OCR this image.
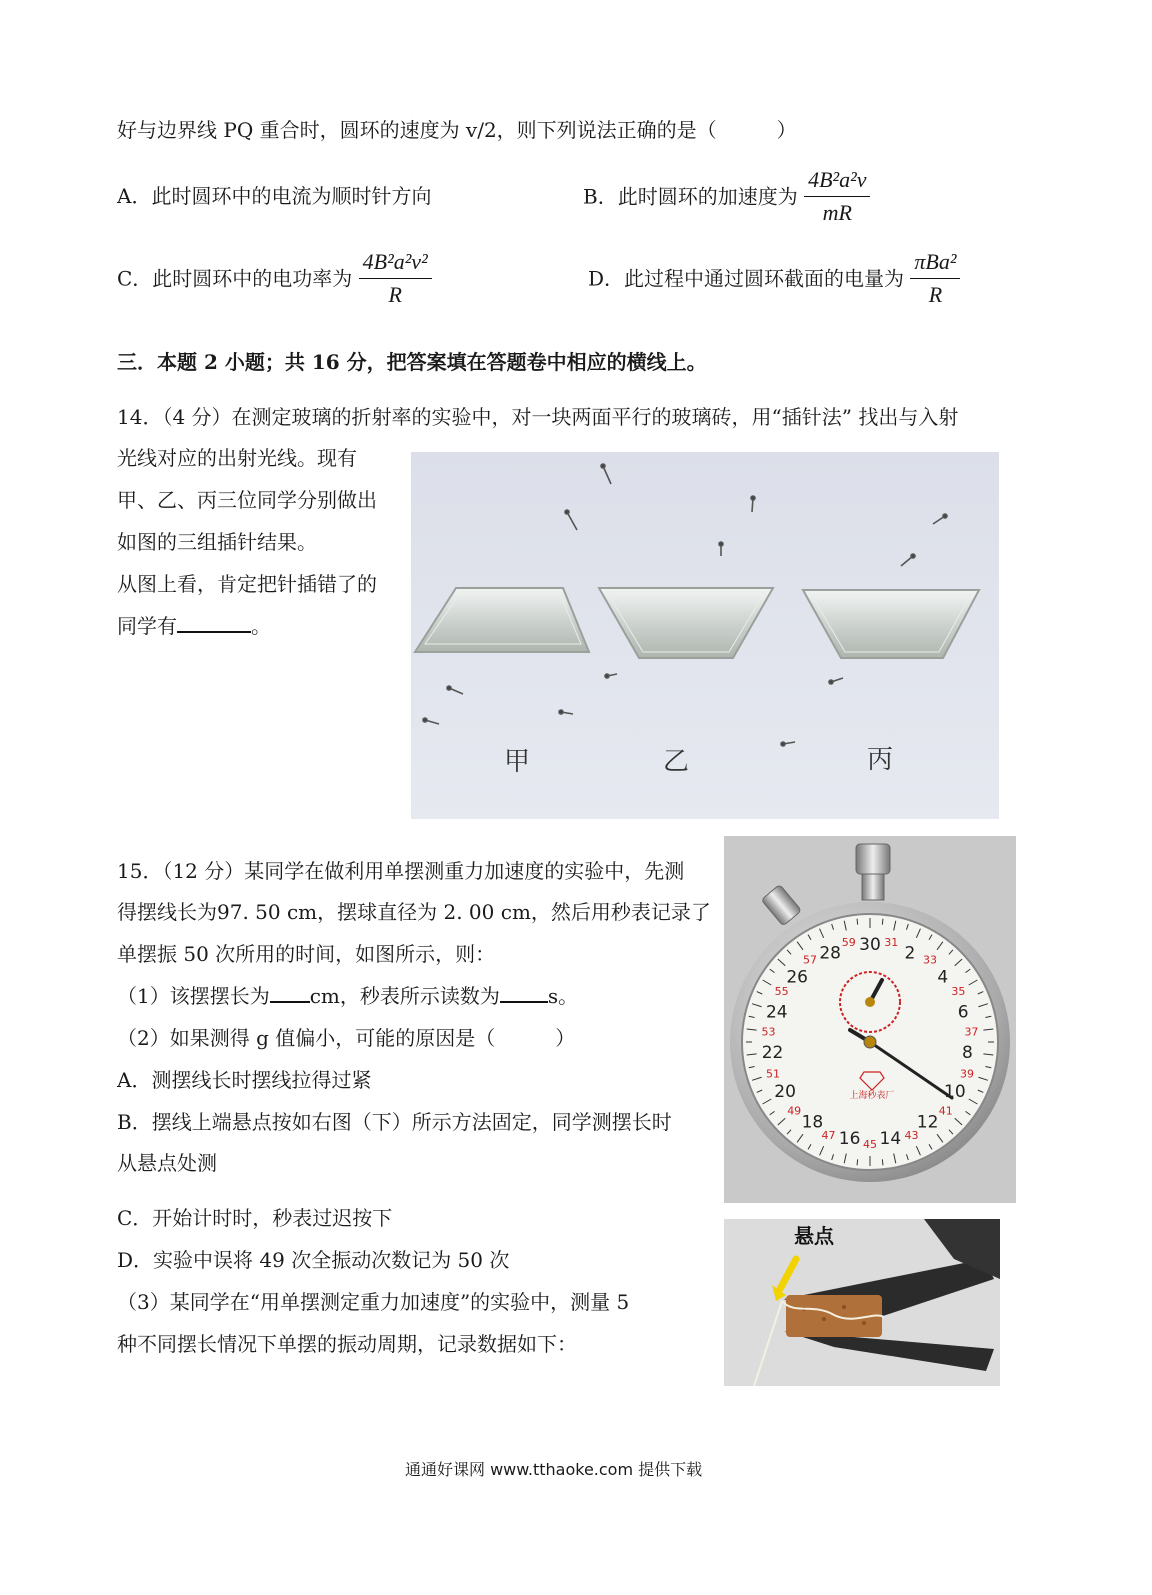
好与边界线 PQ 重合时，圆环的速度为 v/2，则下列说法正确的是（　　　）
A．此时圆环中的电流为顺时针方向	B．此时圆环的加速度为 $\frac{\text{4B²a²v}}{mR}$
C．此时圆环中的电功率为 $\frac{\text{4B²a²v²}}{R}$	D．此过程中通过圆环截面的电量为 $\frac{\text{πBa²}}{R}$
三．本题 2 小题；共 16 分，把答案填在答题卷中相应的横线上。
14．（4 分）在测定玻璃的折射率的实验中，对一块两面平行的玻璃砖，用“插针法” 找出与入射
光线对应的出射光线。现有
甲、乙、丙三位同学分别做出
如图的三组插针结果。
从图上看，肯定把针插错了的
同学有	。
甲	乙	丙
15．（12 分）某同学在做利用单摆测重力加速度的实验中，先测
得摆线长为97. 50 cm，摆球直径为 2. 00 cm，然后用秒表记录了
单摆振 50 次所用的时间，如图所示，则：
（1）该摆摆长为 cm，秒表所示读数为 s。
（2）如果测得 g 值偏小，可能的原因是（　　　）
A．测摆线长时摆线拉得过紧
B．摆线上端悬点按如右图（下）所示方法固定，同学测摆长时
从悬点处测
C．开始计时时，秒表过迟按下
D．实验中误将 49 次全振动次数记为 50 次
（3）某同学在“用单摆测定重力加速度”的实验中，测量 5
种不同摆长情况下单摆的振动周期，记录数据如下：
30 2
4
6
8
10
12
14
16
18
20
22
24
26
28
31
33
35
37
39
41
43
45
47
49
51
53
55
57
59
上海秒表厂
悬点
通通好课网 www.tthaoke.com 提供下载
